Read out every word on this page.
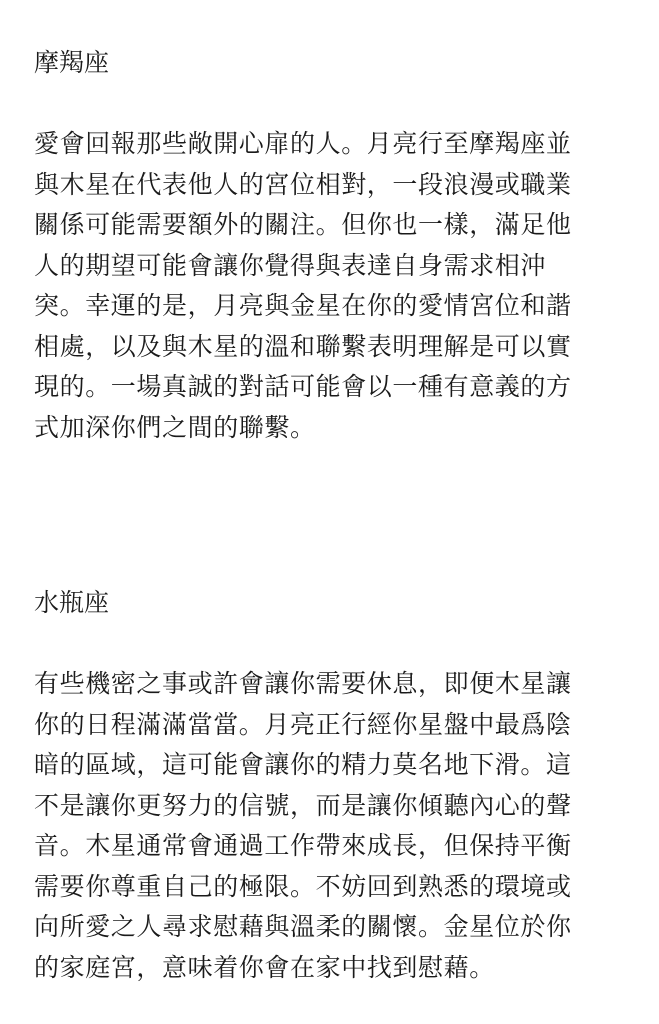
摩羯座

愛會回報那些敞開心扉的人。月亮行至摩羯座並
與木星在代表他人的宮位相對，一段浪漫或職業
關係可能需要額外的關注。但你也一樣，滿足他
人的期望可能會讓你覺得與表達自身需求相沖
突。幸運的是，月亮與金星在你的愛情宮位和諧
相處，以及與木星的溫和聯繫表明理解是可以實
現的。一場真誠的對話可能會以一種有意義的方
式加深你們之間的聯繫。

水瓶座

有些機密之事或許會讓你需要休息，即便木星讓
你的日程滿滿當當。月亮正行經你星盤中最爲陰
暗的區域，這可能會讓你的精力莫名地下滑。這
不是讓你更努力的信號，而是讓你傾聽內心的聲
音。木星通常會通過工作帶來成長，但保持平衡
需要你尊重自己的極限。不妨回到熟悉的環境或
向所愛之人尋求慰藉與溫柔的關懷。金星位於你
的家庭宮，意味着你會在家中找到慰藉。
